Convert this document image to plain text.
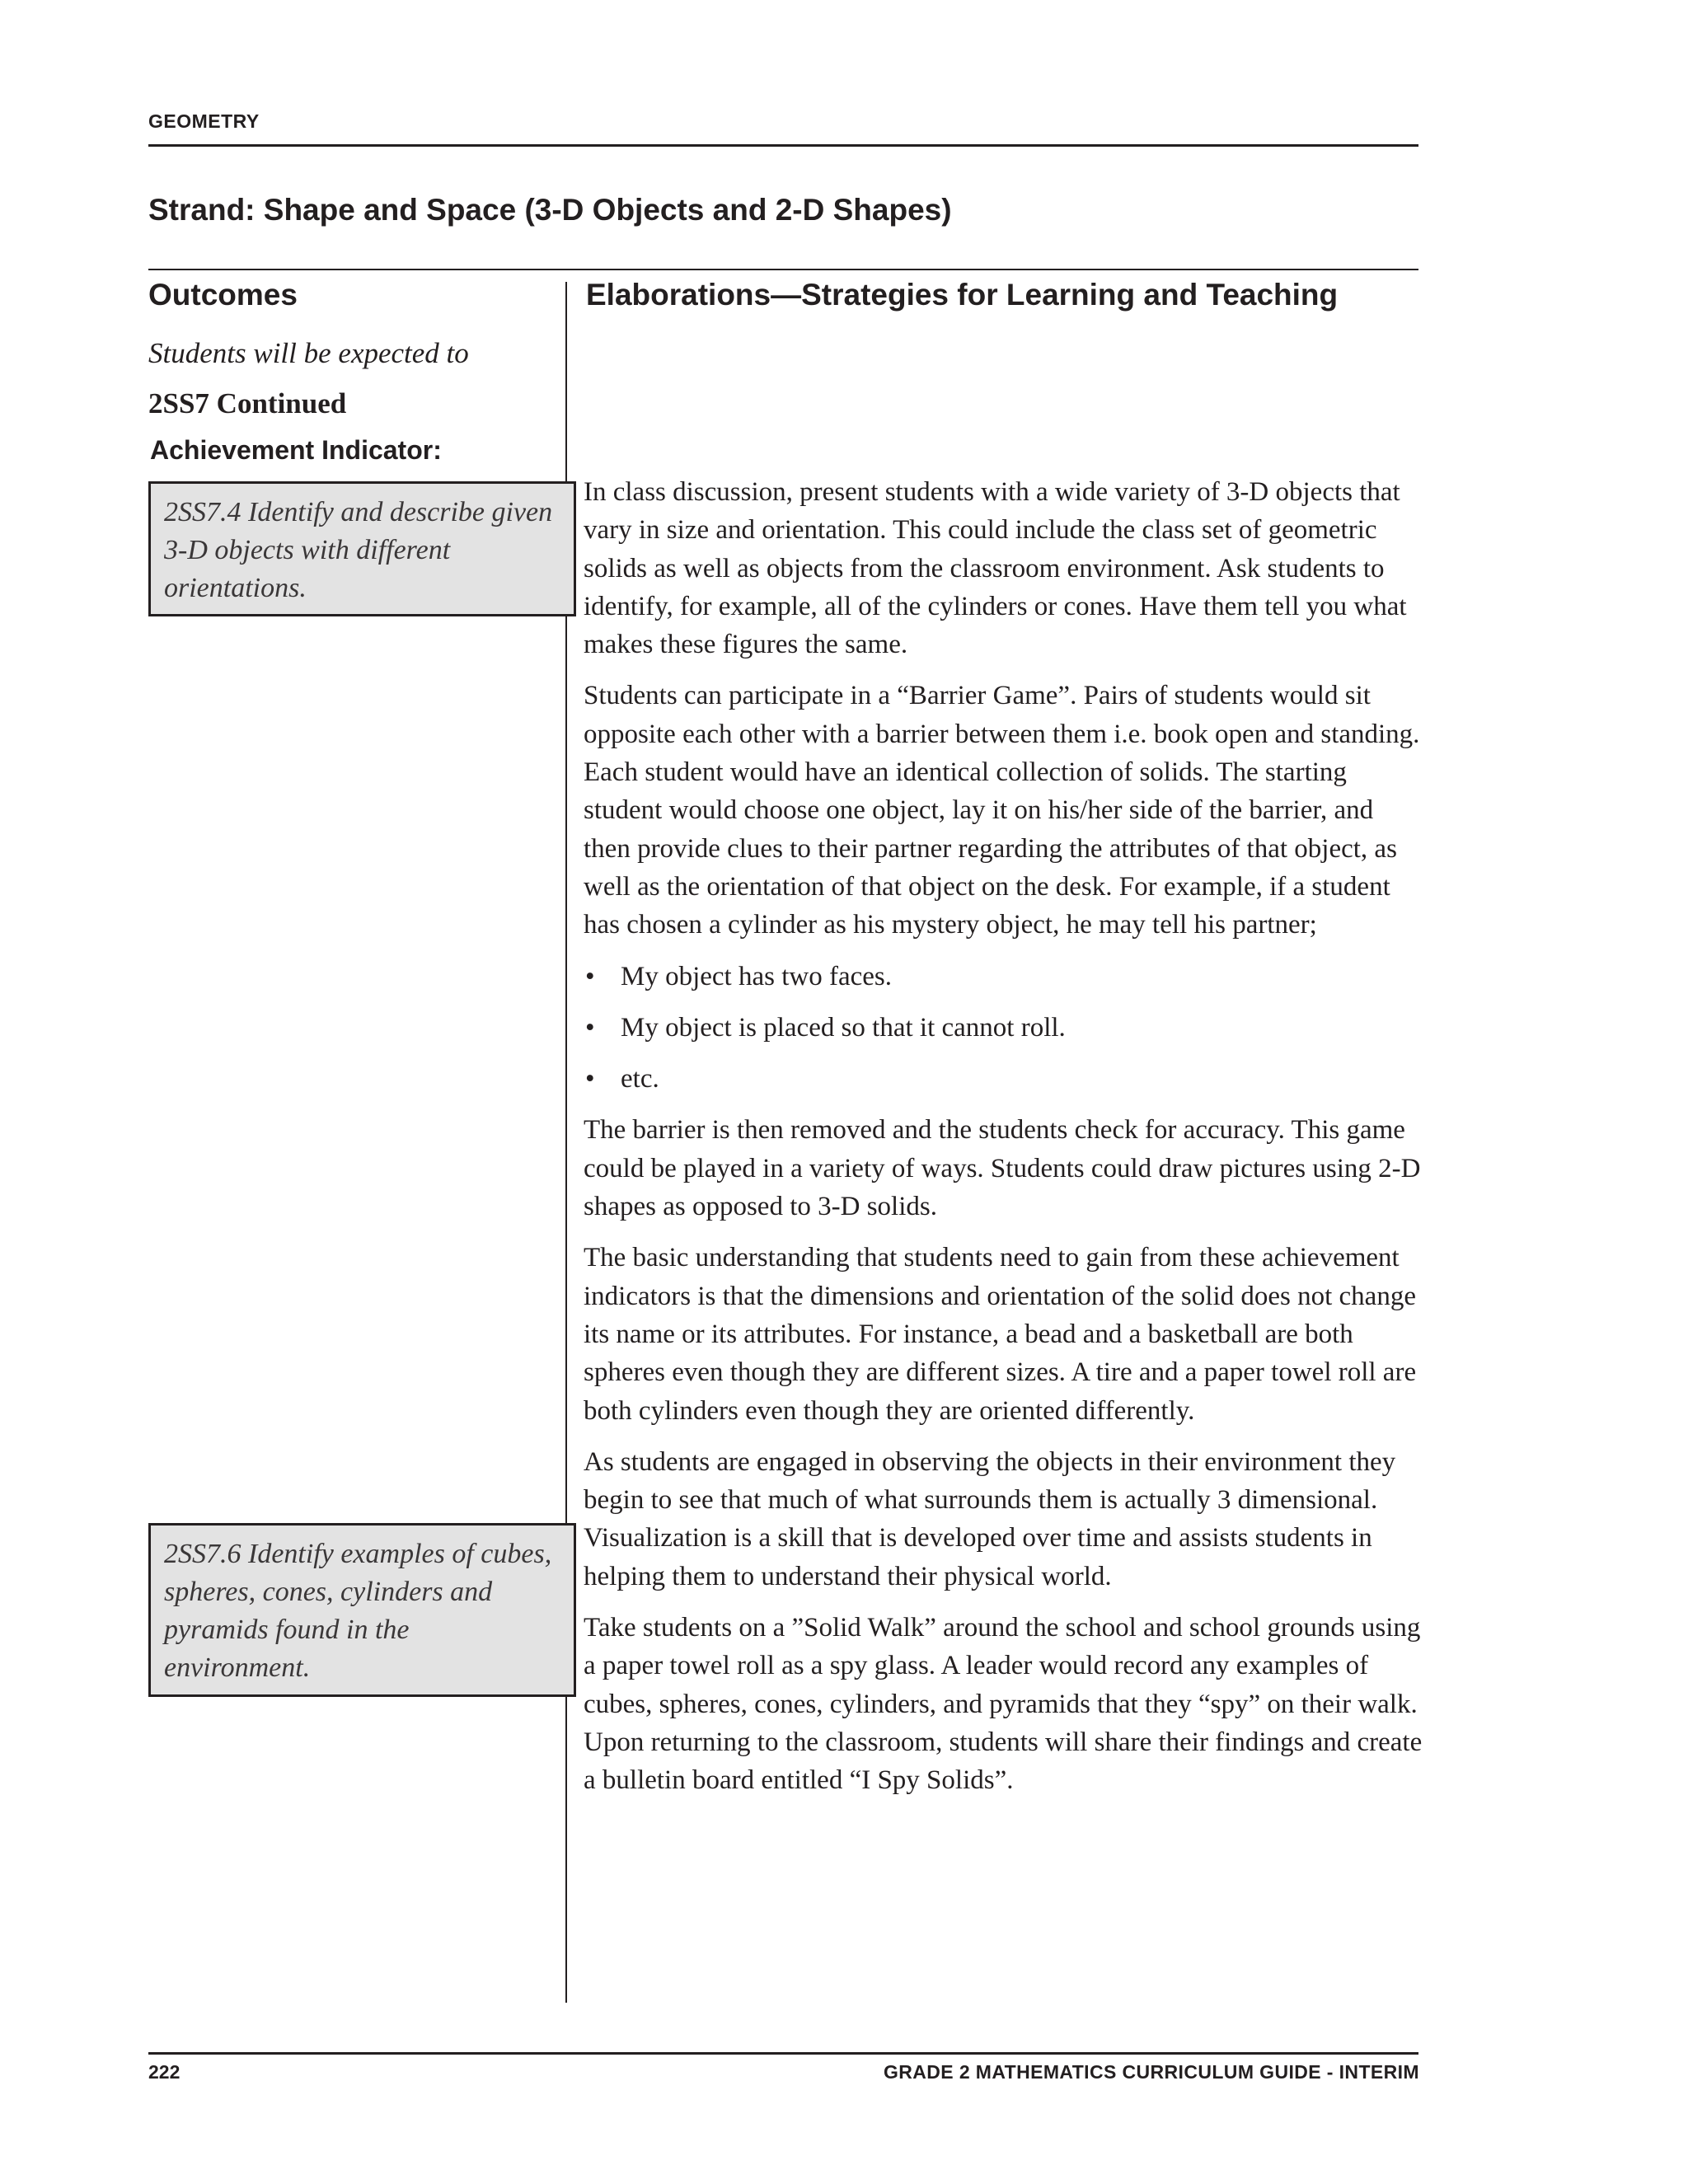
GEOMETRY
Strand: Shape and Space (3-D Objects and 2-D Shapes)
Outcomes
Students will be expected to
2SS7 Continued
Achievement Indicator:
2SS7.4 Identify and describe given 3-D objects with different orientations.
2SS7.6 Identify examples of cubes, spheres, cones, cylinders and pyramids found in the environment.
Elaborations—Strategies for Learning and Teaching

In class discussion, present students with a wide variety of 3-D objects that vary in size and orientation. This could include the class set of geometric solids as well as objects from the classroom environment. Ask students to identify, for example, all of the cylinders or cones. Have them tell you what makes these figures the same.

Students can participate in a “Barrier Game”. Pairs of students would sit opposite each other with a barrier between them i.e. book open and standing. Each student would have an identical collection of solids. The starting student would choose one object, lay it on his/her side of the barrier, and then provide clues to their partner regarding the attributes of that object, as well as the orientation of that object on the desk. For example, if a student has chosen a cylinder as his mystery object, he may tell his partner;

• My object has two faces.
• My object is placed so that it cannot roll.
• etc.

The barrier is then removed and the students check for accuracy. This game could be played in a variety of ways. Students could draw pictures using 2-D shapes as opposed to 3-D solids.

The basic understanding that students need to gain from these achievement indicators is that the dimensions and orientation of the solid does not change its name or its attributes. For instance, a bead and a basketball are both spheres even though they are different sizes. A tire and a paper towel roll are both cylinders even though they are oriented differently.

As students are engaged in observing the objects in their environment they begin to see that much of what surrounds them is actually 3 dimensional. Visualization is a skill that is developed over time and assists students in helping them to understand their physical world.

Take students on a ”Solid Walk” around the school and school grounds using a paper towel roll as a spy glass. A leader would record any examples of cubes, spheres, cones, cylinders, and pyramids that they “spy” on their walk. Upon returning to the classroom, students will share their findings and create a bulletin board entitled “I Spy Solids”.

222	GRADE 2 MATHEMATICS CURRICULUM GUIDE - INTERIM
